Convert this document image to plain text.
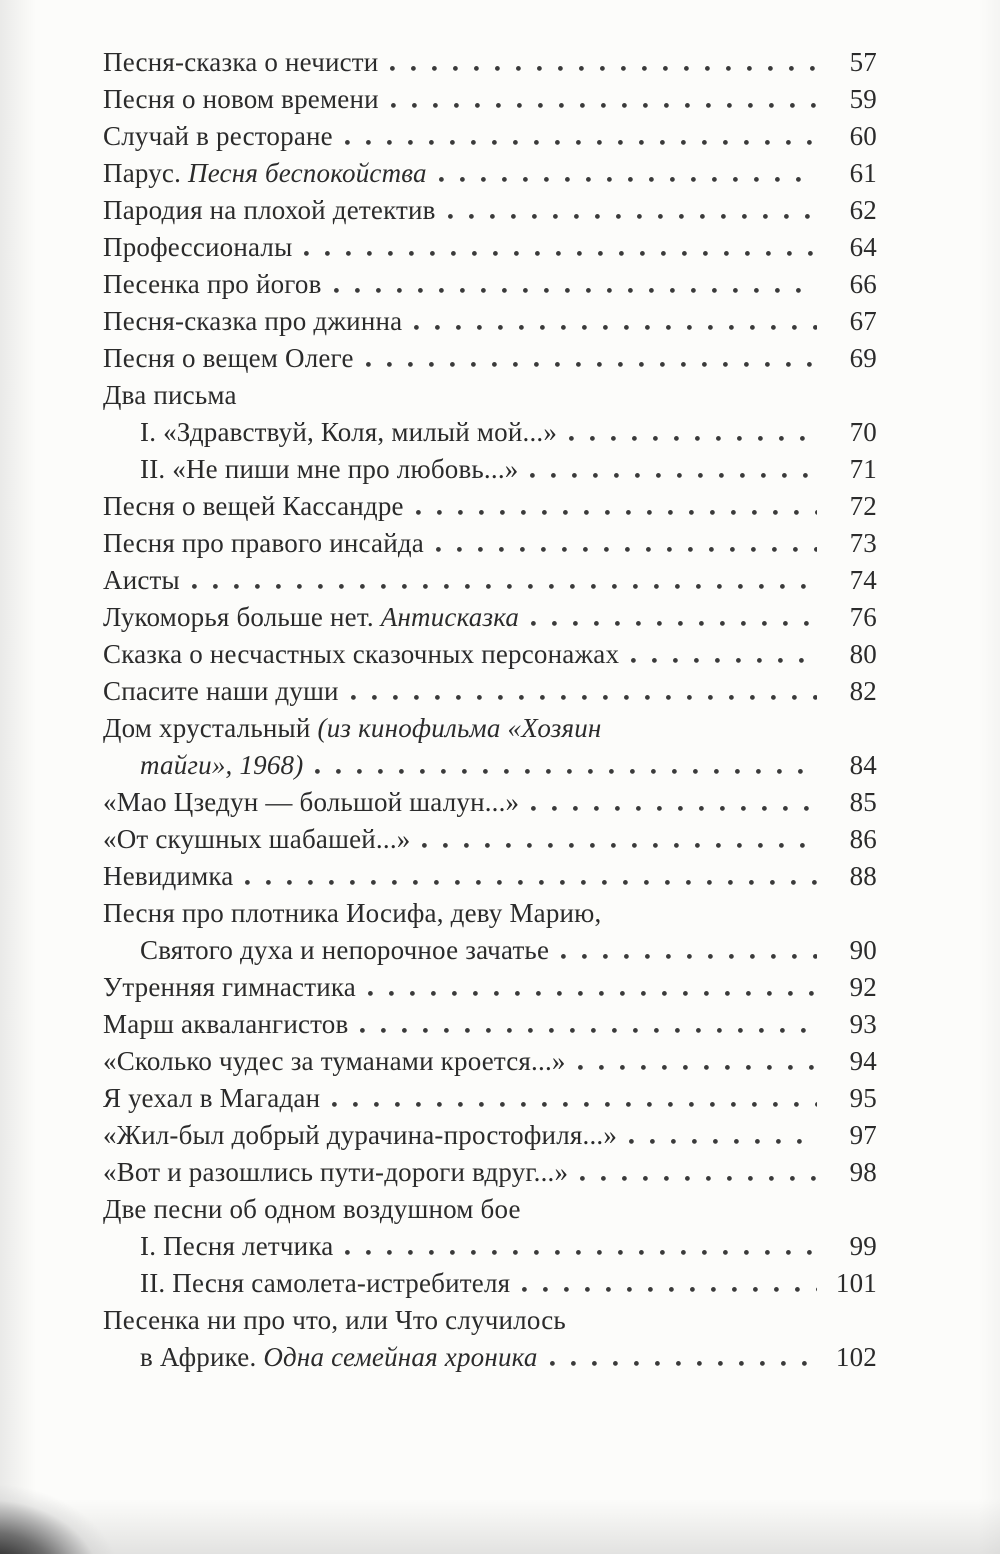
Песня-сказка о нечисти	57
Песня о новом времени	59
Случай в ресторане	60
Парус. Песня беспокойства	61
Пародия на плохой детектив	62
Профессионалы	64
Песенка про йогов	66
Песня-сказка про джинна	67
Песня о вещем Олеге	69
Два письма
I. «Здравствуй, Коля, милый мой...»	70
II. «Не пиши мне про любовь...»	71
Песня о вещей Кассандре	72
Песня про правого инсайда	73
Аисты	74
Лукоморья больше нет. Антисказка	76
Сказка о несчастных сказочных персонажах	80
Спасите наши души	82
Дом хрустальный (из кинофильма «Хозяин
тайги», 1968)	84
«Мао Цзедун — большой шалун...»	85
«От скушных шабашей...»	86
Невидимка	88
Песня про плотника Иосифа, деву Марию,
Святого духа и непорочное зачатье	90
Утренняя гимнастика	92
Марш аквалангистов	93
«Сколько чудес за туманами кроется...»	94
Я уехал в Магадан	95
«Жил-был добрый дурачина-простофиля...»	97
«Вот и разошлись пути-дороги вдруг...»	98
Две песни об одном воздушном бое
I. Песня летчика	99
II. Песня самолета-истребителя	101
Песенка ни про что, или Что случилось
в Африке. Одна семейная хроника	102
